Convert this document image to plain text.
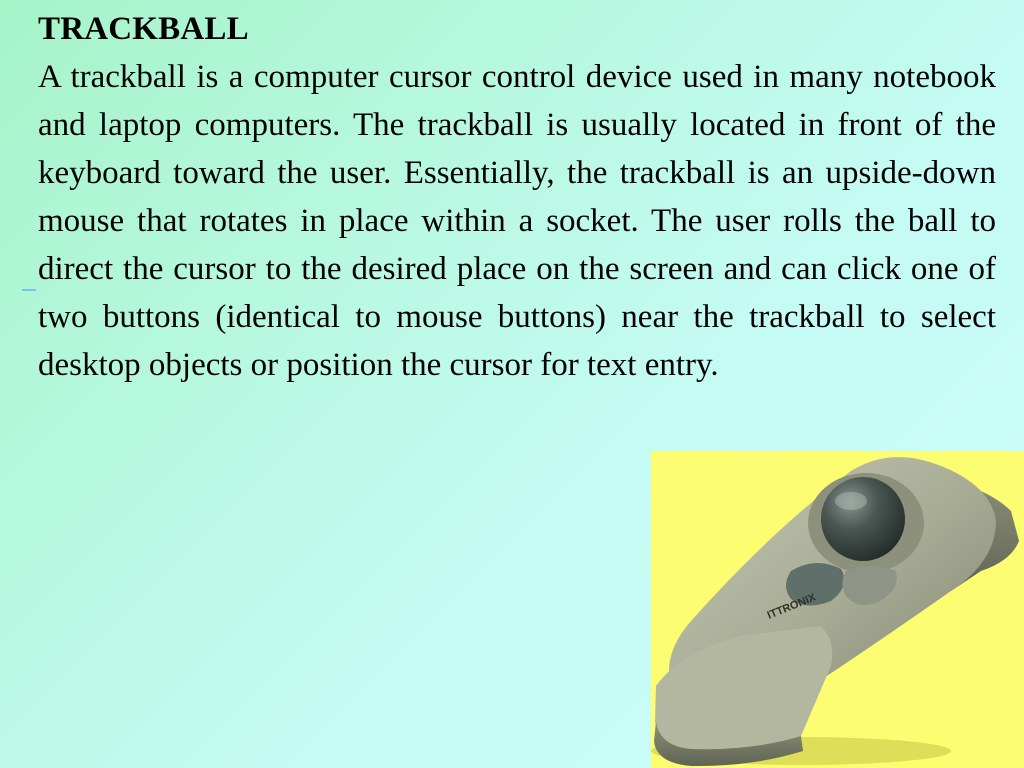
TRACKBALL
A trackball is a computer cursor control device used in many notebook and laptop computers. The trackball is usually located in front of the keyboard toward the user. Essentially, the trackball is an upside-down mouse that rotates in place within a socket. The user rolls the ball to direct the cursor to the desired place on the screen and can click one of two buttons (identical to mouse buttons) near the trackball to select desktop objects or position the cursor for text entry.
ITTRONIX
